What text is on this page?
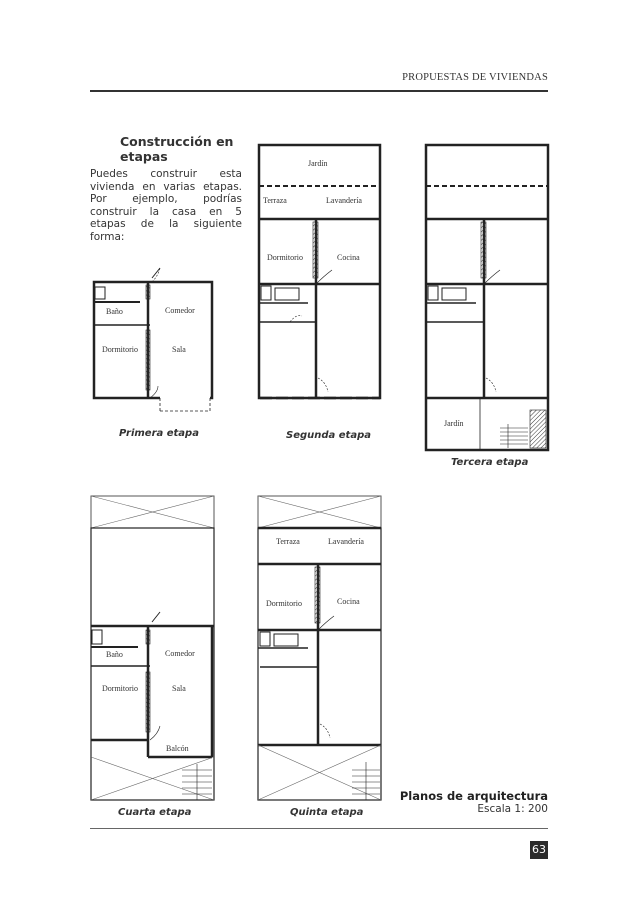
PROPUESTAS DE VIVIENDAS
Construcción en etapas
Puedes construir esta vivienda en varias etapas. Por ejemplo, podrías construir la casa en 5 etapas de la siguiente forma:
Baño	Comedor
Dormitorio	Sala
Jardín
Terraza	Lavandería
Dormitorio	Cocina
Jardín
Baño	Comedor
Dormitorio	Sala
Balcón
Terraza	Lavandería
Dormitorio	Cocina
Primera etapa	Segunda etapa
Tercera etapa
Cuarta etapa	Quinta etapa
Planos de arquitectura
Escala 1: 200
63
